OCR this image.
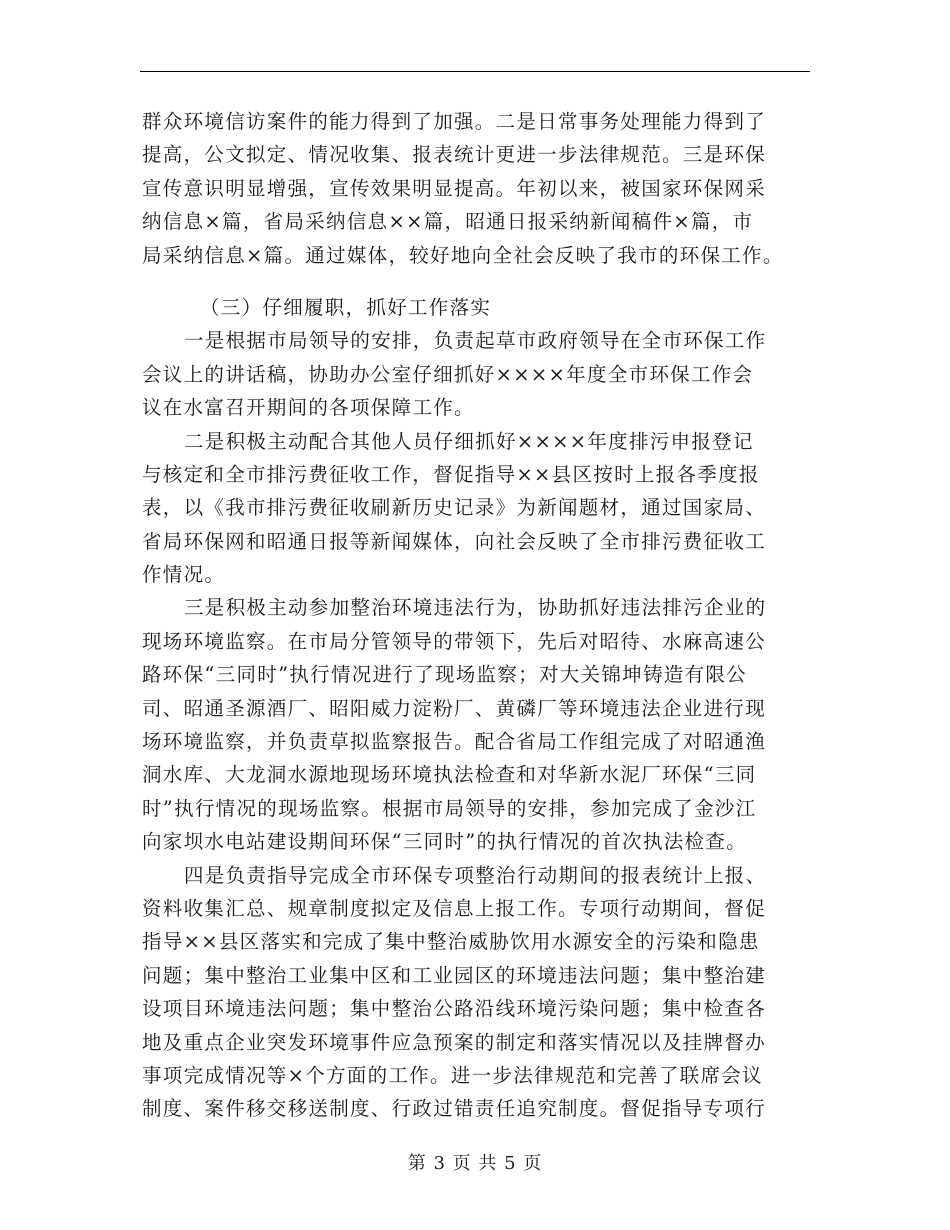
群众环境信访案件的能力得到了加强。二是日常事务处理能力得到了
提高，公文拟定、情况收集、报表统计更进一步法律规范。三是环保
宣传意识明显增强，宣传效果明显提高。年初以来，被国家环保网采
纳信息×篇，省局采纳信息××篇，昭通日报采纳新闻稿件×篇，市
局采纳信息×篇。通过媒体，较好地向全社会反映了我市的环保工作。
（三）仔细履职，抓好工作落实
一是根据市局领导的安排，负责起草市政府领导在全市环保工作
会议上的讲话稿，协助办公室仔细抓好××××年度全市环保工作会
议在水富召开期间的各项保障工作。
二是积极主动配合其他人员仔细抓好××××年度排污申报登记
与核定和全市排污费征收工作，督促指导××县区按时上报各季度报
表，以《我市排污费征收刷新历史记录》为新闻题材，通过国家局、
省局环保网和昭通日报等新闻媒体，向社会反映了全市排污费征收工
作情况。
三是积极主动参加整治环境违法行为，协助抓好违法排污企业的
现场环境监察。在市局分管领导的带领下，先后对昭待、水麻高速公
路环保“三同时”执行情况进行了现场监察；对大关锦坤铸造有限公
司、昭通圣源酒厂、昭阳威力淀粉厂、黄磷厂等环境违法企业进行现
场环境监察，并负责草拟监察报告。配合省局工作组完成了对昭通渔
洞水库、大龙洞水源地现场环境执法检查和对华新水泥厂环保“三同
时”执行情况的现场监察。根据市局领导的安排，参加完成了金沙江
向家坝水电站建设期间环保“三同时”的执行情况的首次执法检查。
四是负责指导完成全市环保专项整治行动期间的报表统计上报、
资料收集汇总、规章制度拟定及信息上报工作。专项行动期间，督促
指导××县区落实和完成了集中整治威胁饮用水源安全的污染和隐患
问题；集中整治工业集中区和工业园区的环境违法问题；集中整治建
设项目环境违法问题；集中整治公路沿线环境污染问题；集中检查各
地及重点企业突发环境事件应急预案的制定和落实情况以及挂牌督办
事项完成情况等×个方面的工作。进一步法律规范和完善了联席会议
制度、案件移交移送制度、行政过错责任追究制度。督促指导专项行
第 3 页 共 5 页
